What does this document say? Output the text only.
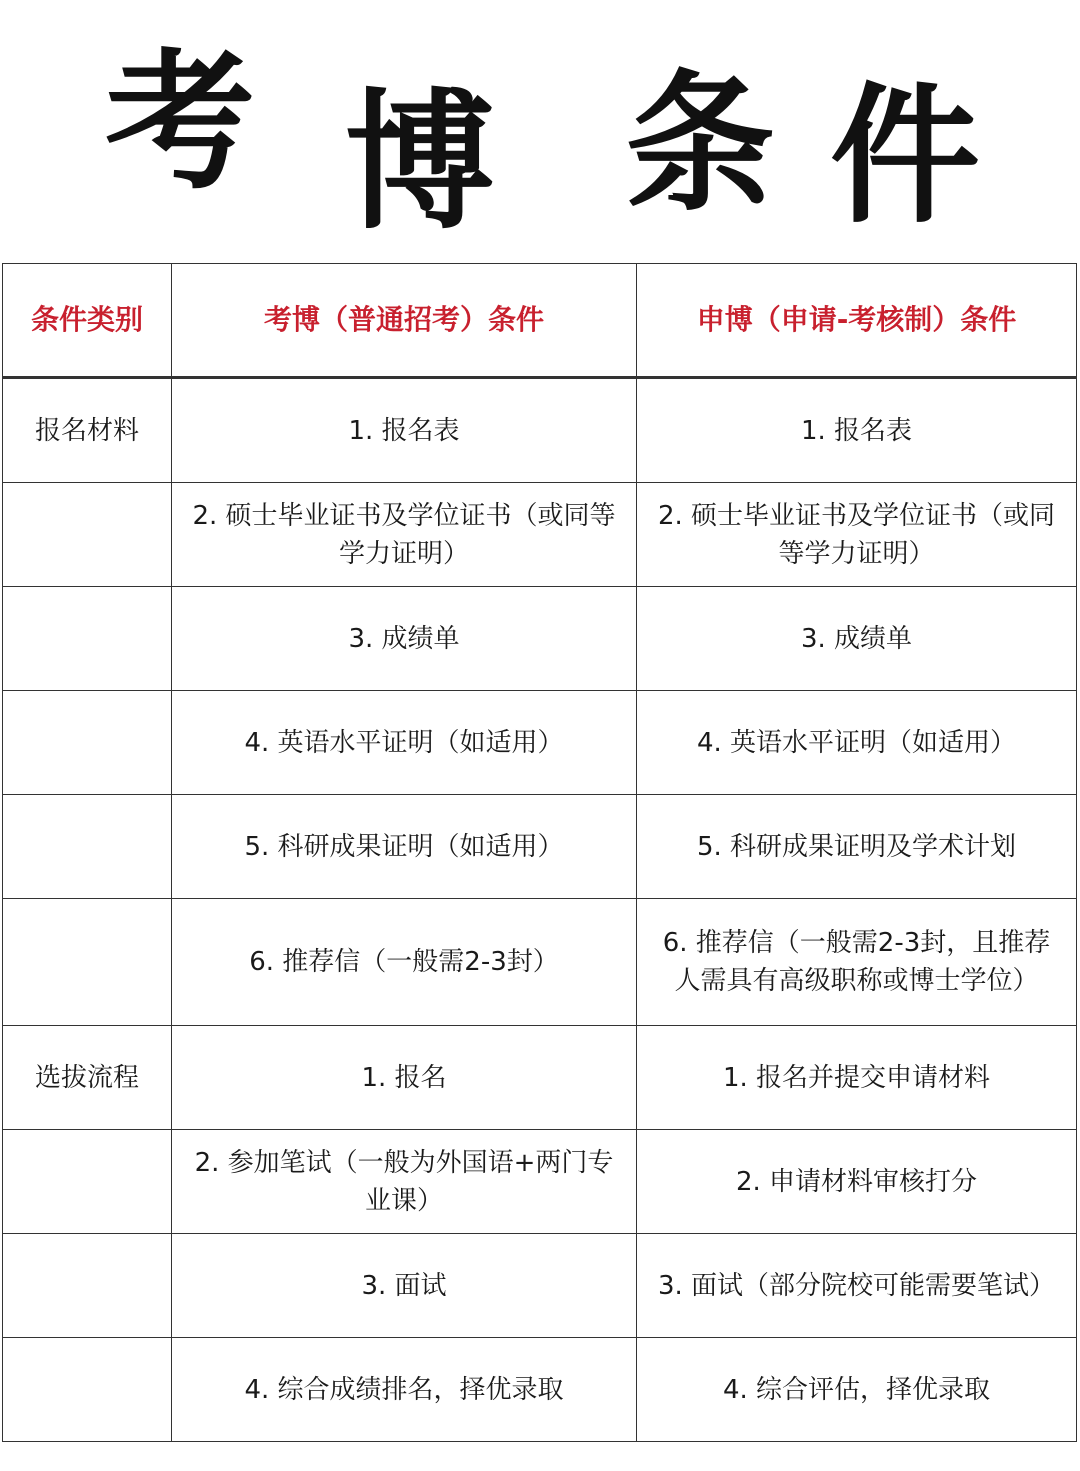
考 博 条 件
条件类别	考博（普通招考）条件	申博（申请-考核制）条件
报名材料	1. 报名表	1. 报名表
	2. 硕士毕业证书及学位证书（或同等学力证明）	2. 硕士毕业证书及学位证书（或同等学力证明）
	3. 成绩单	3. 成绩单
	4. 英语水平证明（如适用）	4. 英语水平证明（如适用）
	5. 科研成果证明（如适用）	5. 科研成果证明及学术计划
	6. 推荐信（一般需2-3封）	6. 推荐信（一般需2-3封，且推荐人需具有高级职称或博士学位）
选拔流程	1. 报名	1. 报名并提交申请材料
	2. 参加笔试（一般为外国语+两门专业课）	2. 申请材料审核打分
	3. 面试	3. 面试（部分院校可能需要笔试）
	4. 综合成绩排名，择优录取	4. 综合评估，择优录取
